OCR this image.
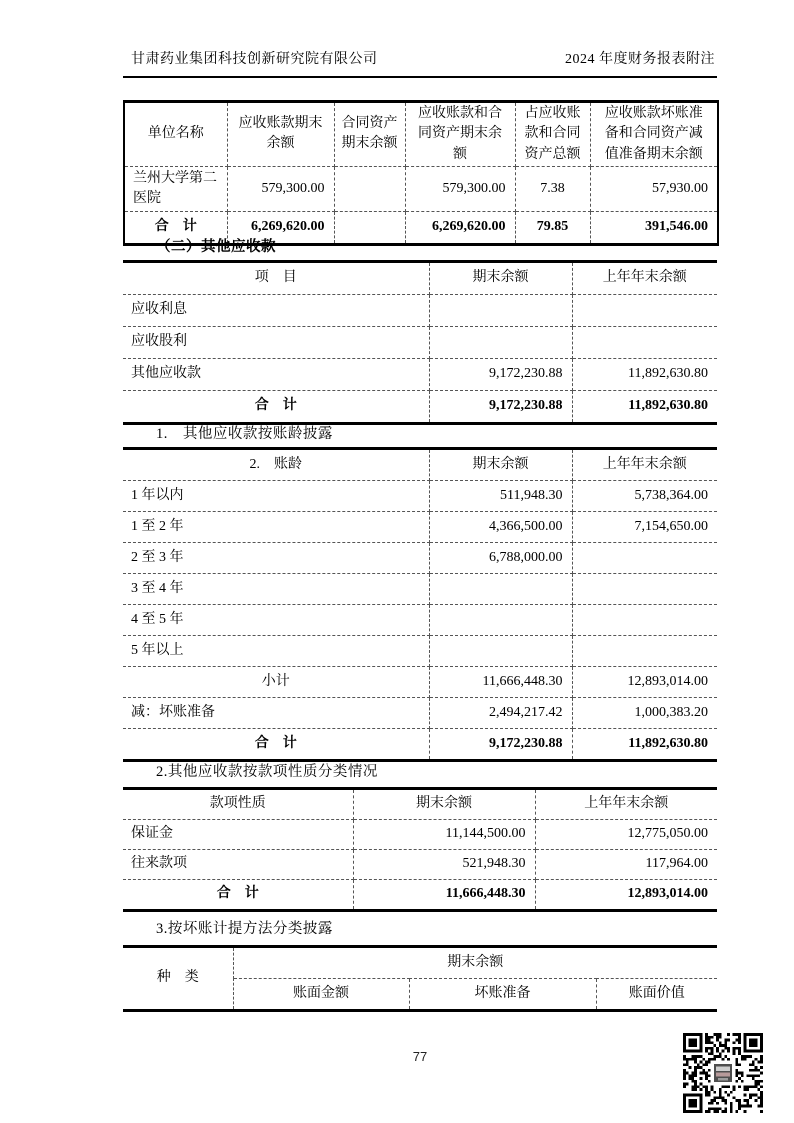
甘肃药业集团科技创新研究院有限公司	2024 年度财务报表附注
单位名称	应收账款期末余额	合同资产期末余额	应收账款和合同资产期末余额	占应收账款和合同资产总额	应收账款坏账准备和合同资产减值准备期末余额
兰州大学第二医院	579,300.00		579,300.00	7.38	57,930.00
合　计	6,269,620.00		6,269,620.00	79.85	391,546.00
（二）其他应收款
项　目	期末余额	上年年末余额
应收利息		
应收股利		
其他应收款	9,172,230.88	11,892,630.80
合　计	9,172,230.88	11,892,630.80
1.　其他应收款按账龄披露
2.　账龄	期末余额	上年年末余额
1 年以内	511,948.30	5,738,364.00
1 至 2 年	4,366,500.00	7,154,650.00
2 至 3 年	6,788,000.00	
3 至 4 年		
4 至 5 年		
5 年以上		
小计	11,666,448.30	12,893,014.00
减：坏账准备	2,494,217.42	1,000,383.20
合　计	9,172,230.88	11,892,630.80
2.其他应收款按款项性质分类情况
款项性质	期末余额	上年年末余额
保证金	11,144,500.00	12,775,050.00
往来款项	521,948.30	117,964.00
合　计	11,666,448.30	12,893,014.00
3.按坏账计提方法分类披露
种　类	期末余额		
	账面金额	坏账准备	账面价值
77
